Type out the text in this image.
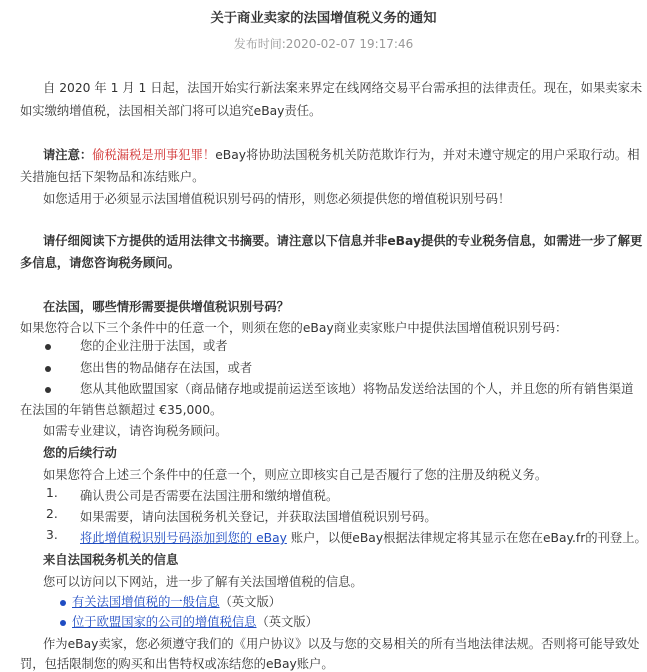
关于商业卖家的法国增值税义务的通知
发布时间:2020-02-07 19:17:46
自 2020 年 1 月 1 日起，法国开始实行新法案来界定在线网络交易平台需承担的法律责任。现在，如果卖家未
如实缴纳增值税，法国相关部门将可以追究eBay责任。
请注意：偷税漏税是刑事犯罪！eBay将协助法国税务机关防范欺诈行为，并对未遵守规定的用户采取行动。相
关措施包括下架物品和冻结账户。
如您适用于必须显示法国增值税识别号码的情形，则您必须提供您的增值税识别号码！
请仔细阅读下方提供的适用法律文书摘要。请注意以下信息并非eBay提供的专业税务信息，如需进一步了解更
多信息，请您咨询税务顾问。
在法国，哪些情形需要提供增值税识别号码？
如果您符合以下三个条件中的任意一个，则须在您的eBay商业卖家账户中提供法国增值税识别号码：
您的企业注册于法国，或者
您出售的物品储存在法国，或者
您从其他欧盟国家（商品储存地或提前运送至该地）将物品发送给法国的个人，并且您的所有销售渠道
在法国的年销售总额超过 €35,000。
如需专业建议，请咨询税务顾问。
您的后续行动
如果您符合上述三个条件中的任意一个，则应立即核实自己是否履行了您的注册及纳税义务。
1. 确认贵公司是否需要在法国注册和缴纳增值税。
2. 如果需要，请向法国税务机关登记，并获取法国增值税识别号码。
3. 将此增值税识别号码添加到您的 eBay 账户，以便eBay根据法律规定将其显示在您在eBay.fr的刊登上。
来自法国税务机关的信息
您可以访问以下网站，进一步了解有关法国增值税的信息。
有关法国增值税的一般信息（英文版）
位于欧盟国家的公司的增值税信息（英文版）
作为eBay卖家，您必须遵守我们的《用户协议》以及与您的交易相关的所有当地法律法规。否则将可能导致处
罚，包括限制您的购买和出售特权或冻结您的eBay账户。
